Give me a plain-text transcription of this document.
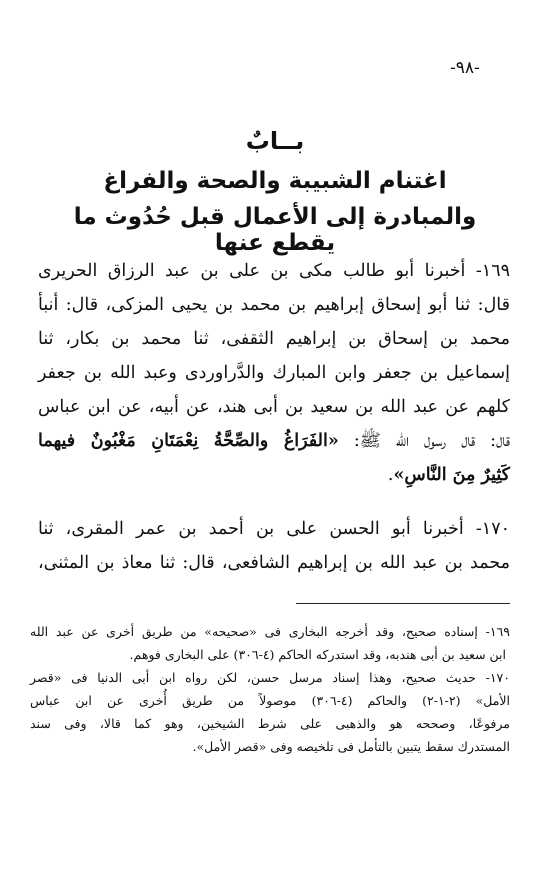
-٩٨-
بــابٌ
اغتنام الشبيبة والصحة والفراغ
والمبادرة إلى الأعمال قبل حُدُوث ما يقطع عنها
١٦٩- أخبرنا أبو طالب مكى بن على بن عبد الرزاق الحريرى
قال: ثنا أبو إسحاق إبراهيم بن محمد بن يحيى المزكى، قال: أنبأ
محمد بن إسحاق بن إبراهيم الثقفى، ثنا محمد بن بكار، ثنا
إسماعيل بن جعفر وابن المبارك والدَّراوردى وعبد الله بن جعفر
كلهم عن عبد الله بن سعيد بن أبى هند، عن أبيه، عن ابن عباس
قال: قال رسول الله ﷺ: «الفَرَاغُ والصِّحَّةُ نِعْمَتَانِ مَغْبُونٌ فيهما
كَثِيرٌ مِنَ النَّاسِ».
١٧٠- أخبرنا أبو الحسن على بن أحمد بن عمر المقرى، ثنا
محمد بن عبد الله بن إبراهيم الشافعى، قال: ثنا معاذ بن المثنى،
١٦٩- إسناده صحيح، وقد أخرجه البخارى فى «صحيحه» من طريق أخرى عن عبد الله
ابن سعيد بن أبى هندبه، وقد استدركه الحاكم (٤-٣٠٦) على البخارى فوهم.
١٧٠- حديث صحيح، وهذا إسناد مرسل حسن، لكن رواه ابن أبى الدنيا فى «قصر
الأمل» (٢-١-٢) والحاكم (٤-٣٠٦) موصولاً من طريق أُخرى عن ابن عباس
مرفوعًا، وصححه هو والذهبى على شرط الشيخين، وهو كما قالا، وفى سند
المستدرك سقط يتبين بالتأمل فى تلخيصه وفى «قصر الأمل».
